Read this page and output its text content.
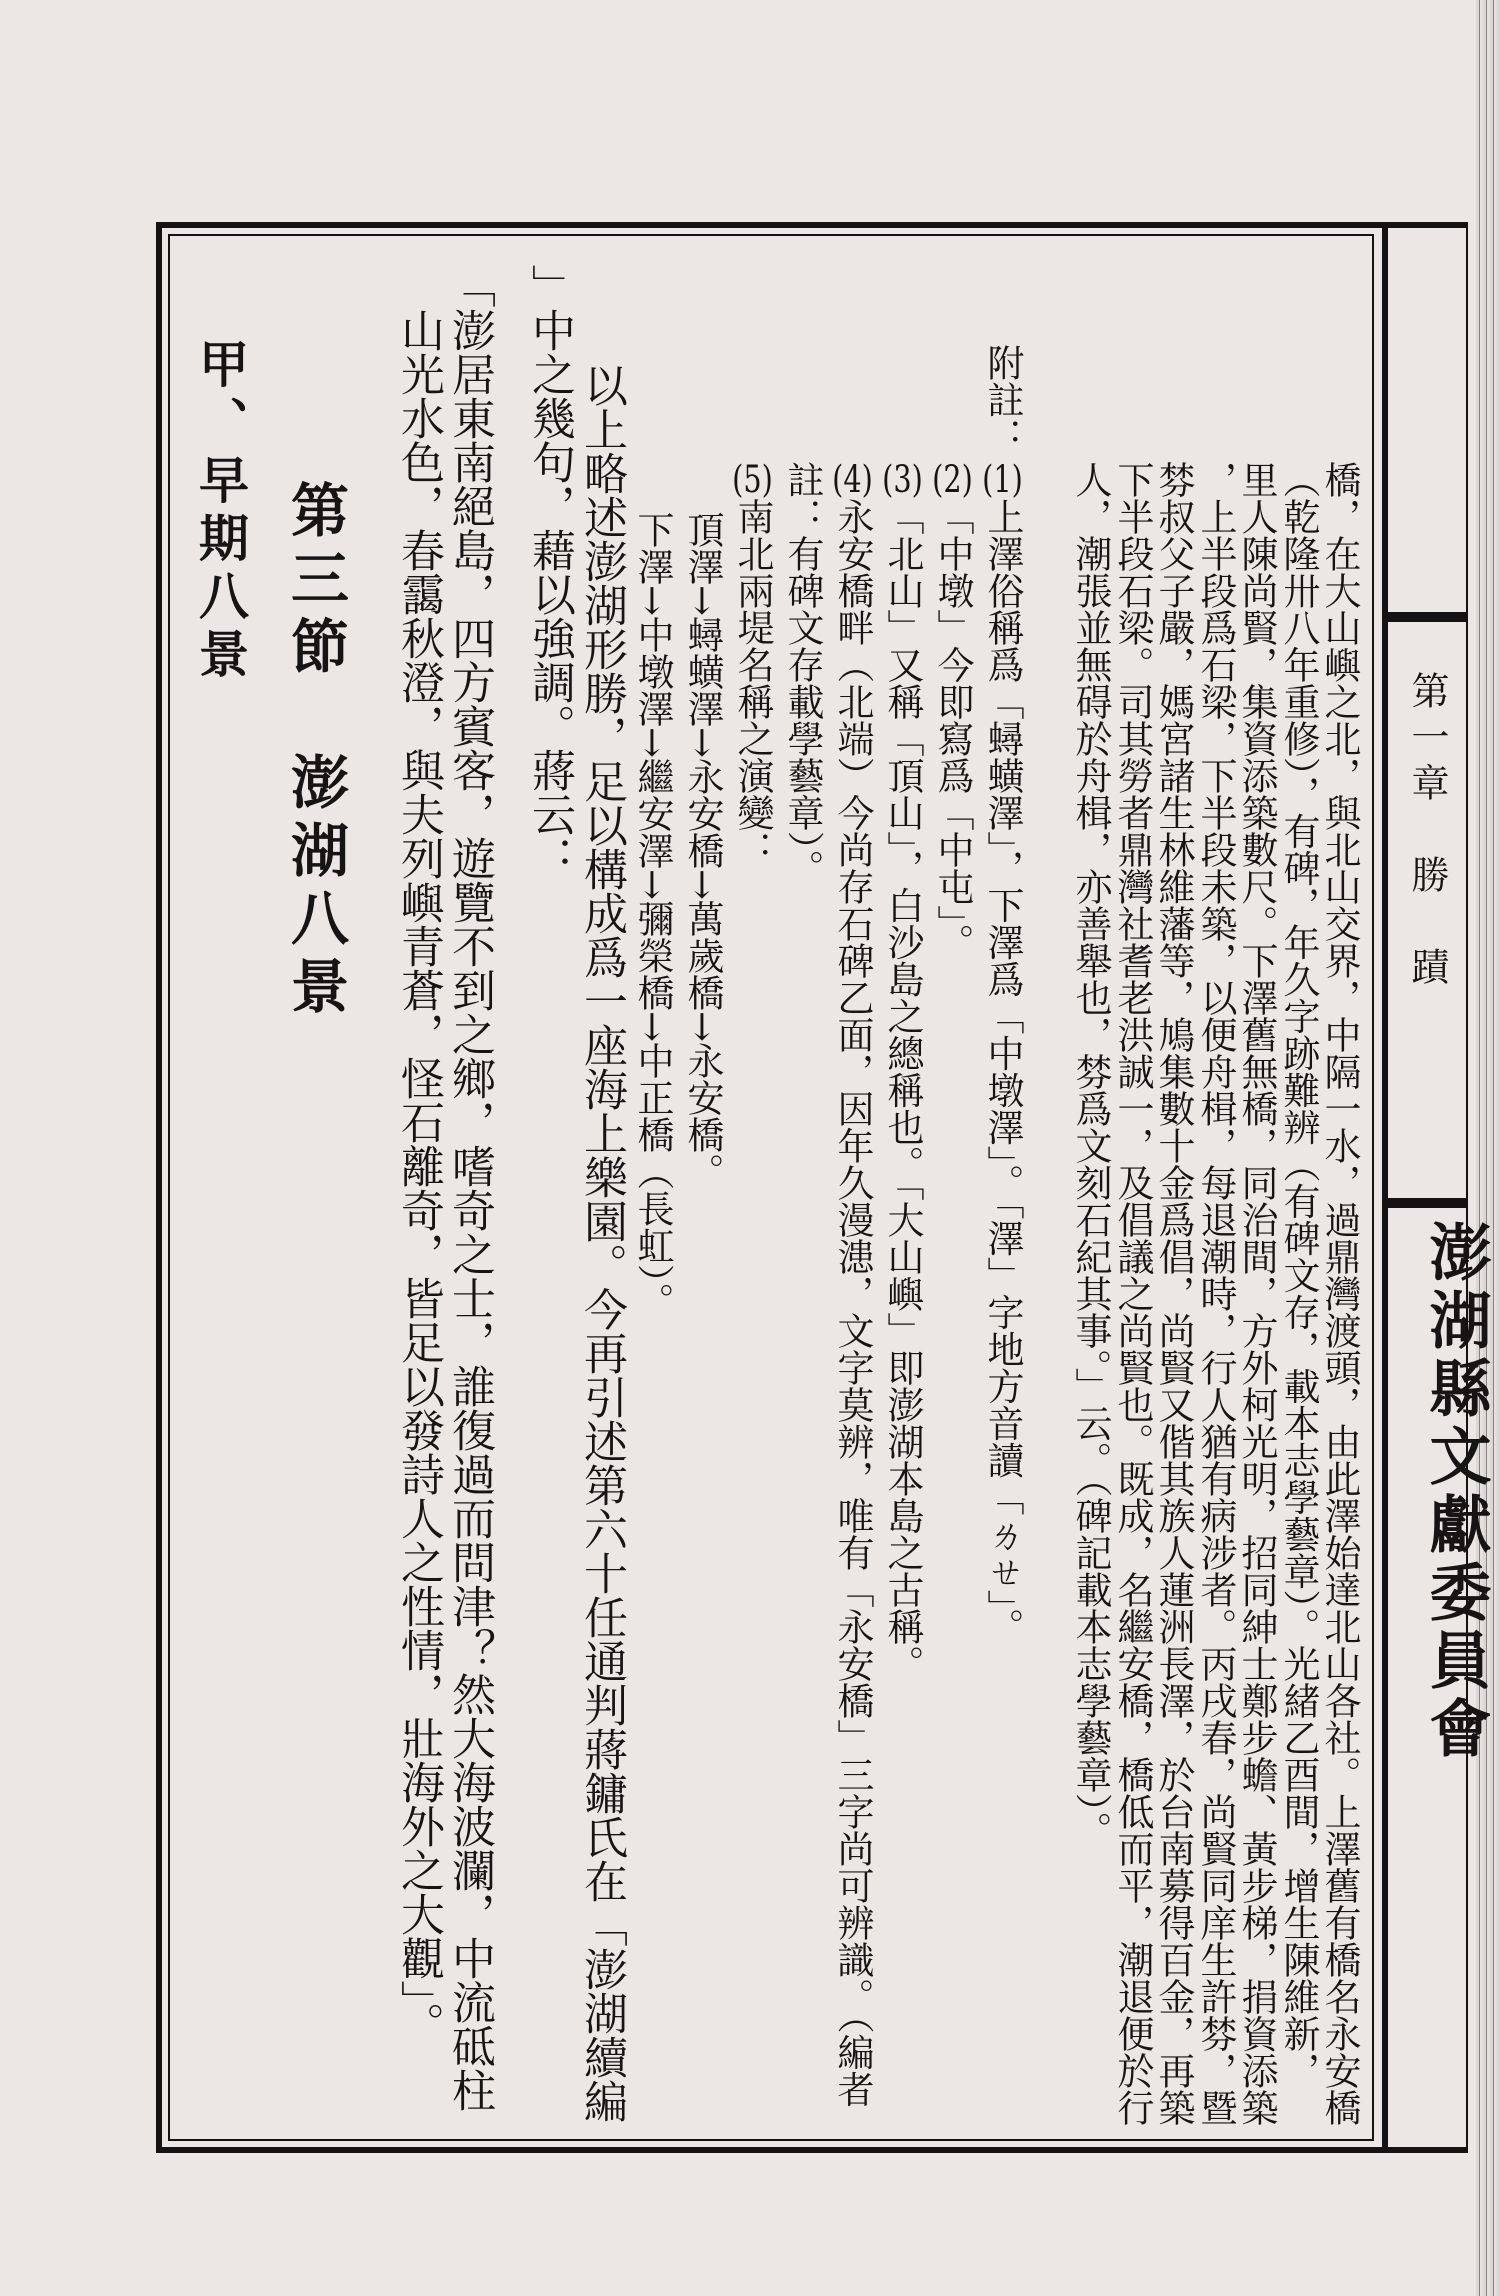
第一章　勝　蹟
澎湖縣文獻委員會
橋，在大山嶼之北，與北山交界，中隔一水，過鼎灣渡頭，由此澤始達北山各社。上澤舊有橋名永安橋
（乾隆卅八年重修），有碑，年久字跡難辨（有碑文存，載本志學藝章）。光緒乙酉間，增生陳維新，
里人陳尚賢，集資添築數尺。下澤舊無橋，同治間，方外柯光明，招同紳士鄭步蟾、黃步梯，捐資添築
，上半段爲石梁，下半段未築，以便舟楫，每退潮時，行人猶有病涉者。丙戌春，尚賢同庠生許棼，暨
棼叔父子嚴，媽宮諸生林維藩等，鳩集數十金爲倡，尚賢又偕其族人蓮洲長澤，於台南募得百金，再築
下半段石梁。司其勞者鼎灣社耆老洪誠一，及倡議之尚賢也。既成，名繼安橋，橋低而平，潮退便於行
人，潮張並無碍於舟楫，亦善舉也，棼爲文刻石紀其事。」云。（碑記載本志學藝章）。
附註：
(1)上澤俗稱爲「蟳蟥澤」，下澤爲「中墩澤」。「澤」字地方音讀「ㄌㄝ」。
(2)「中墩」今即寫爲「中屯」。
(3)「北山」又稱「頂山」，白沙島之總稱也。「大山嶼」即澎湖本島之古稱。
(4)永安橋畔（北端）今尚存石碑乙面，因年久漫漶，文字莫辨，唯有「永安橋」三字尚可辨識。（編者
註：有碑文存載學藝章）。
(5)南北兩堤名稱之演變：
頂澤→蟳蟥澤→永安橋→萬歲橋→永安橋。
下澤→中墩澤→繼安澤→彌榮橋→中正橋（長虹）。
以上略述澎湖形勝，足以構成爲一座海上樂園。今再引述第六十任通判蔣鏞氏在「澎湖續編
」中之幾句，藉以強調。蔣云：
「澎居東南絕島，四方賓客，遊覽不到之鄉，嗜奇之士，誰復過而問津？然大海波瀾，中流砥柱
山光水色，春靄秋澄，與夫列嶼青蒼，怪石離奇，皆足以發詩人之性情，壯海外之大觀」。
第三節　澎湖八景
甲、早期八景
